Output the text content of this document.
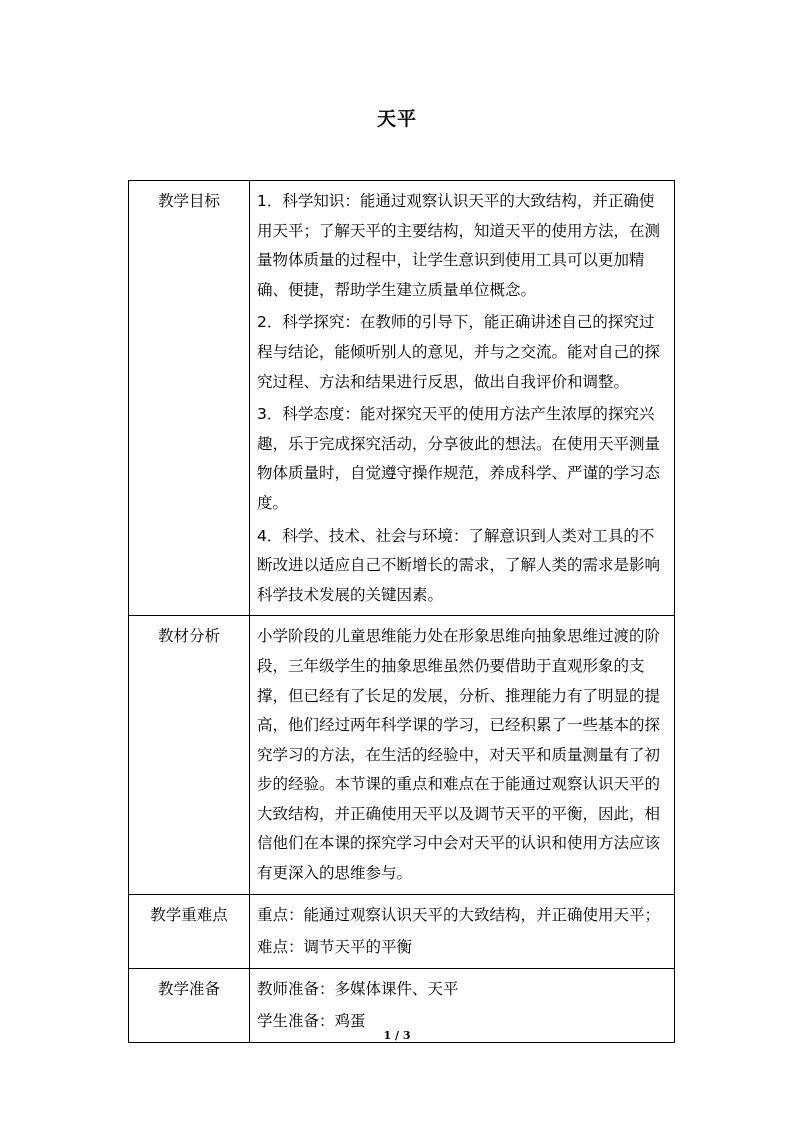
天平
教学目标	1．科学知识：能通过观察认识天平的大致结构，并正确使用天平；了解天平的主要结构，知道天平的使用方法，在测量物体质量的过程中，让学生意识到使用工具可以更加精确、便捷，帮助学生建立质量单位概念。
2．科学探究：在教师的引导下，能正确讲述自己的探究过程与结论，能倾听别人的意见，并与之交流。能对自己的探究过程、方法和结果进行反思，做出自我评价和调整。
3．科学态度：能对探究天平的使用方法产生浓厚的探究兴趣，乐于完成探究活动，分享彼此的想法。在使用天平测量物体质量时，自觉遵守操作规范，养成科学、严谨的学习态度。
4．科学、技术、社会与环境：了解意识到人类对工具的不断改进以适应自己不断增长的需求，了解人类的需求是影响科学技术发展的关键因素。

教材分析	小学阶段的儿童思维能力处在形象思维向抽象思维过渡的阶段，三年级学生的抽象思维虽然仍要借助于直观形象的支撑，但已经有了长足的发展，分析、推理能力有了明显的提高，他们经过两年科学课的学习，已经积累了一些基本的探究学习的方法，在生活的经验中，对天平和质量测量有了初步的经验。本节课的重点和难点在于能通过观察认识天平的大致结构，并正确使用天平以及调节天平的平衡，因此，相信他们在本课的探究学习中会对天平的认识和使用方法应该有更深入的思维参与。

教学重难点	重点：能通过观察认识天平的大致结构，并正确使用天平；
难点：调节天平的平衡

教学准备	教师准备：多媒体课件、天平
学生准备：鸡蛋
1 / 3
